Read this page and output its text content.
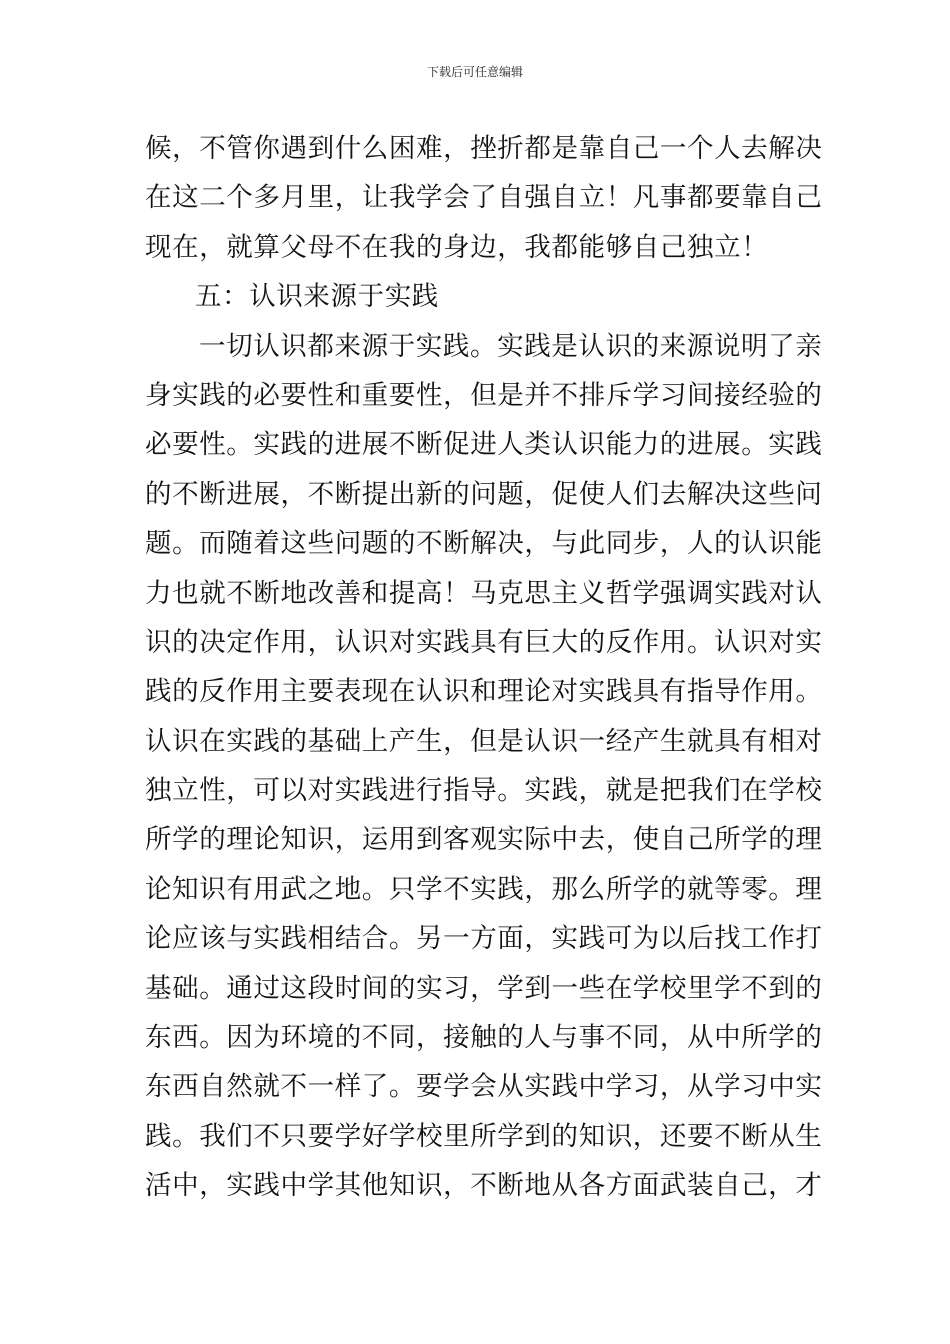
下载后可任意编辑
候，不管你遇到什么困难，挫折都是靠自己一个人去解决
在这二个多月里，让我学会了自强自立！凡事都要靠自己
现在，就算父母不在我的身边，我都能够自己独立！
五：认识来源于实践
一切认识都来源于实践。实践是认识的来源说明了亲
身实践的必要性和重要性，但是并不排斥学习间接经验的
必要性。实践的进展不断促进人类认识能力的进展。实践
的不断进展，不断提出新的问题，促使人们去解决这些问
题。而随着这些问题的不断解决，与此同步，人的认识能
力也就不断地改善和提高！马克思主义哲学强调实践对认
识的决定作用，认识对实践具有巨大的反作用。认识对实
践的反作用主要表现在认识和理论对实践具有指导作用。
认识在实践的基础上产生，但是认识一经产生就具有相对
独立性，可以对实践进行指导。实践，就是把我们在学校
所学的理论知识，运用到客观实际中去，使自己所学的理
论知识有用武之地。只学不实践，那么所学的就等零。理
论应该与实践相结合。另一方面，实践可为以后找工作打
基础。通过这段时间的实习，学到一些在学校里学不到的
东西。因为环境的不同，接触的人与事不同，从中所学的
东西自然就不一样了。要学会从实践中学习，从学习中实
践。我们不只要学好学校里所学到的知识，还要不断从生
活中，实践中学其他知识，不断地从各方面武装自己，才
